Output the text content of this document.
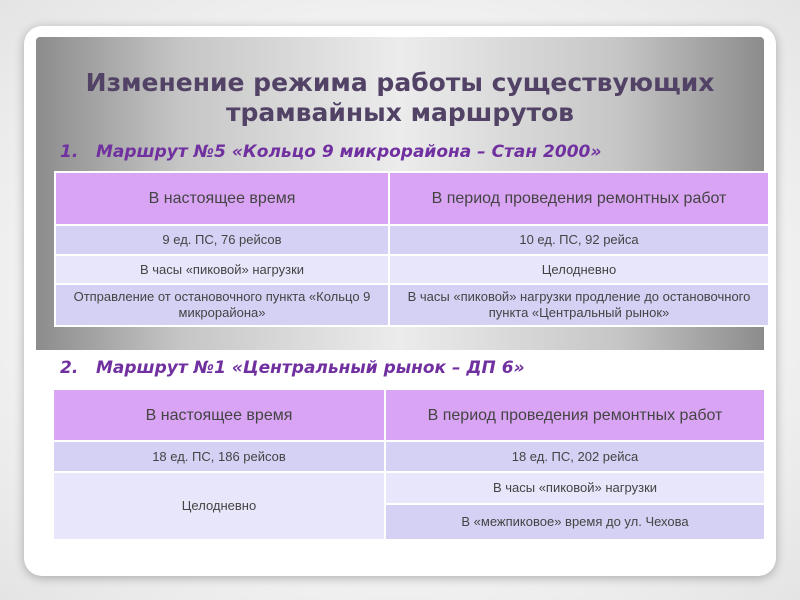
Изменение режима работы существующих трамвайных маршрутов

1. Маршрут №5 «Кольцо 9 микрорайона – Стан 2000»

В настоящее время	В период проведения ремонтных работ
9 ед. ПС, 76 рейсов	10 ед. ПС, 92 рейса
В часы «пиковой» нагрузки	Целодневно
Отправление от остановочного пункта «Кольцо 9 микрорайона»	В часы «пиковой» нагрузки продление до остановочного пункта «Центральный рынок»

2. Маршрут №1 «Центральный рынок – ДП 6»

В настоящее время	В период проведения ремонтных работ
18 ед. ПС, 186 рейсов	18 ед. ПС, 202 рейса
Целодневно	В часы «пиковой» нагрузки
	В «межпиковое» время до ул. Чехова
